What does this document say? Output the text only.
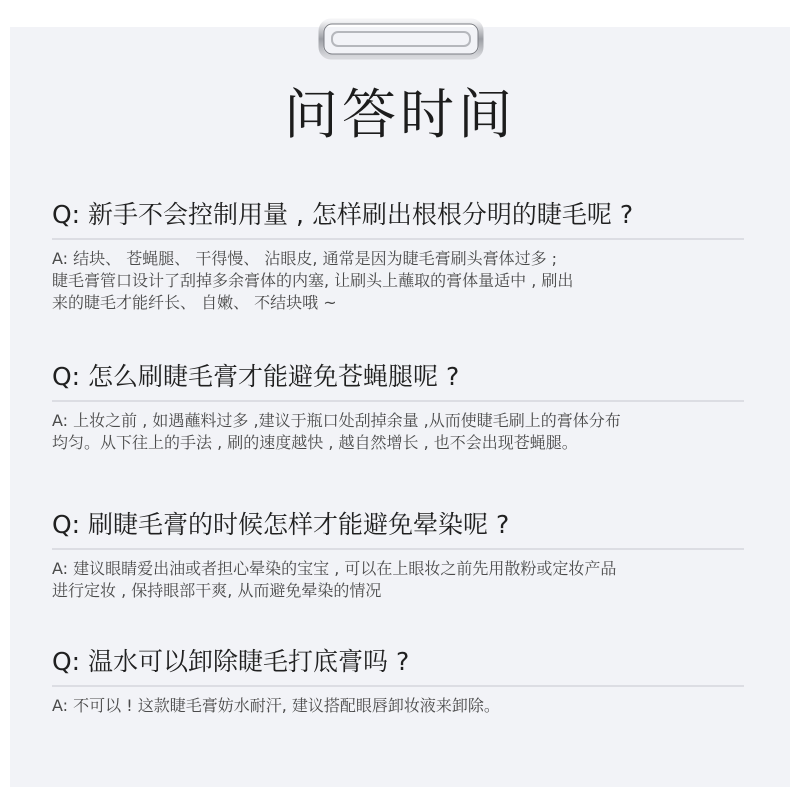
问答时间
Q: 新手不会控制用量 , 怎样刷出根根分明的睫毛呢 ?
A: 结块、 苍蝇腿、 干得慢、 沾眼皮, 通常是因为睫毛膏刷头膏体过多 ;
睫毛膏管口设计了刮掉多余膏体的内塞, 让刷头上蘸取的膏体量适中 , 刷出
来的睫毛才能纤长、 自嫩、 不结块哦 ~
Q: 怎么刷睫毛膏才能避免苍蝇腿呢 ?
A: 上妆之前 , 如遇蘸料过多 ,建议于瓶口处刮掉余量 ,从而使睫毛刷上的膏体分布
均匀。从下往上的手法 , 刷的速度越快 , 越自然增长 , 也不会出现苍蝇腿。
Q: 刷睫毛膏的时候怎样才能避免晕染呢 ?
A: 建议眼睛爱出油或者担心晕染的宝宝 , 可以在上眼妆之前先用散粉或定妆产品
进行定妆 , 保持眼部干爽, 从而避免晕染的情况
Q: 温水可以卸除睫毛打底膏吗 ?
A: 不可以 ! 这款睫毛膏妨水耐汗, 建议搭配眼唇卸妆液来卸除。
